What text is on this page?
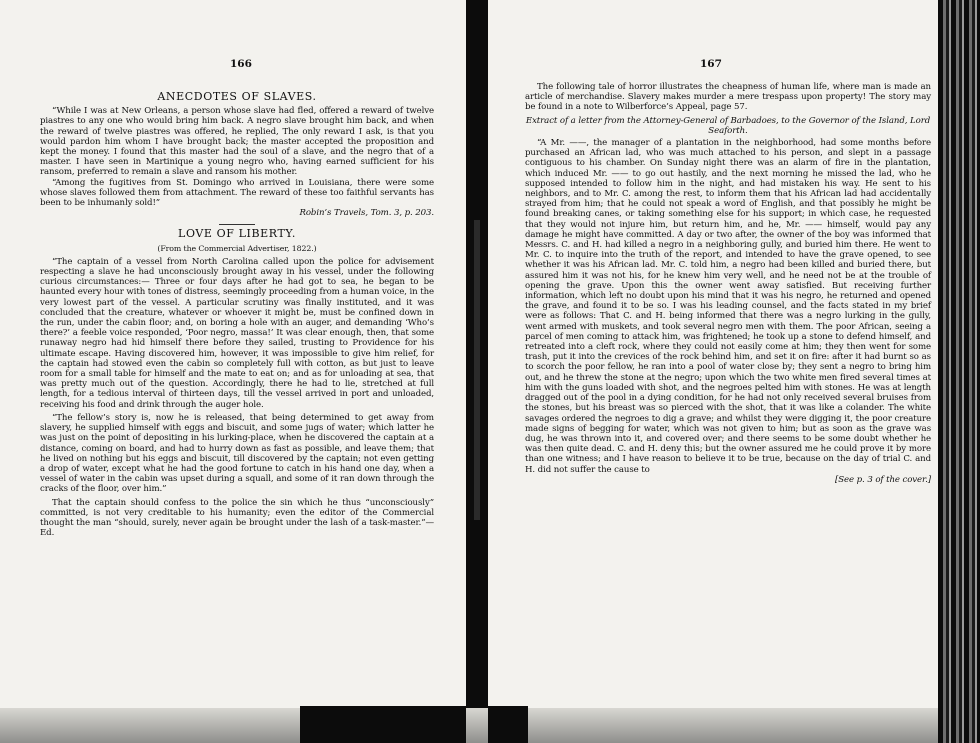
166	167
ANECDOTES OF SLAVES.

“While I was at New Orleans, a person whose slave had fled, offered a reward of twelve piastres to any one who would bring him back. A negro slave brought him back, and when the reward of twelve piastres was offered, he replied, The only reward I ask, is that you would pardon him whom I have brought back; the master accepted the proposition and kept the money. I found that this master had the soul of a slave, and the negro that of a master. I have seen in Martinique a young negro who, having earned sufficient for his ransom, preferred to remain a slave and ransom his mother.

“Among the fugitives from St. Domingo who arrived in Louisiana, there were some whose slaves followed them from attachment. The reward of these too faithful servants has been to be inhumanly sold!”

Robin’s Travels, Tom. 3, p. 203.
LOVE OF LIBERTY.
(From the Commercial Advertiser, 1822.)

“The captain of a vessel from North Carolina called upon the police for advisement respecting a slave he had unconsciously brought away in his vessel, under the following curious circumstances:— Three or four days after he had got to sea, he began to be haunted every hour with tones of distress, seemingly proceeding from a human voice, in the very lowest part of the vessel. A particular scrutiny was finally instituted, and it was concluded that the creature, whatever or whoever it might be, must be confined down in the run, under the cabin floor; and, on boring a hole with an auger, and demanding ‘Who’s there?’ a feeble voice responded, ‘Poor negro, massa!’ It was clear enough, then, that some runaway negro had hid himself there before they sailed, trusting to Providence for his ultimate escape. Having discovered him, however, it was impossible to give him relief, for the captain had stowed even the cabin so completely full with cotton, as but just to leave room for a small table for himself and the mate to eat on; and as for unloading at sea, that was pretty much out of the question. Accordingly, there he had to lie, stretched at full length, for a tedious interval of thirteen days, till the vessel arrived in port and unloaded, receiving his food and drink through the auger hole.

“The fellow’s story is, now he is released, that being determined to get away from slavery, he supplied himself with eggs and biscuit, and some jugs of water; which latter he was just on the point of depositing in his lurking-place, when he discovered the captain at a distance, coming on board, and had to hurry down as fast as possible, and leave them; that he lived on nothing but his eggs and biscuit, till discovered by the captain; not even getting a drop of water, except what he had the good fortune to catch in his hand one day, when a vessel of water in the cabin was upset during a squall, and some of it ran down through the cracks of the floor, over him.”

That the captain should confess to the police the sin which he thus “unconsciously” committed, is not very creditable to his humanity; even the editor of the Commercial thought the man “should, surely, never again be brought under the lash of a task-master.”—Ed.

The following tale of horror illustrates the cheapness of human life, where man is made an article of merchandise. Slavery makes murder a mere trespass upon property! The story may be found in a note to Wilberforce’s Appeal, page 57.

Extract of a letter from the Attorney-General of Barbadoes, to the Governor of the Island, Lord Seaforth.

“A Mr. ——, the manager of a plantation in the neighborhood, had some months before purchased an African lad, who was much attached to his person, and slept in a passage contiguous to his chamber. On Sunday night there was an alarm of fire in the plantation, which induced Mr. —— to go out hastily, and the next morning he missed the lad, who he supposed intended to follow him in the night, and had mistaken his way. He sent to his neighbors, and to Mr. C. among the rest, to inform them that his African lad had accidentally strayed from him; that he could not speak a word of English, and that possibly he might be found breaking canes, or taking something else for his support; in which case, he requested that they would not injure him, but return him, and he, Mr. —— himself, would pay any damage he might have committed. A day or two after, the owner of the boy was informed that Messrs. C. and H. had killed a negro in a neighboring gully, and buried him there. He went to Mr. C. to inquire into the truth of the report, and intended to have the grave opened, to see whether it was his African lad. Mr. C. told him, a negro had been killed and buried there, but assured him it was not his, for he knew him very well, and he need not be at the trouble of opening the grave. Upon this the owner went away satisfied. But receiving further information, which left no doubt upon his mind that it was his negro, he returned and opened the grave, and found it to be so. I was his leading counsel, and the facts stated in my brief were as follows: That C. and H. being informed that there was a negro lurking in the gully, went armed with muskets, and took several negro men with them. The poor African, seeing a parcel of men coming to attack him, was frightened; he took up a stone to defend himself, and retreated into a cleft rock, where they could not easily come at him; they then went for some trash, put it into the crevices of the rock behind him, and set it on fire: after it had burnt so as to scorch the poor fellow, he ran into a pool of water close by; they sent a negro to bring him out, and he threw the stone at the negro; upon which the two white men fired several times at him with the guns loaded with shot, and the negroes pelted him with stones. He was at length dragged out of the pool in a dying condition, for he had not only received several bruises from the stones, but his breast was so pierced with the shot, that it was like a colander. The white savages ordered the negroes to dig a grave; and whilst they were digging it, the poor creature made signs of begging for water, which was not given to him; but as soon as the grave was dug, he was thrown into it, and covered over; and there seems to be some doubt whether he was then quite dead. C. and H. deny this; but the owner assured me he could prove it by more than one witness; and I have reason to believe it to be true, because on the day of trial C. and H. did not suffer the cause to

[See p. 3 of the cover.]
